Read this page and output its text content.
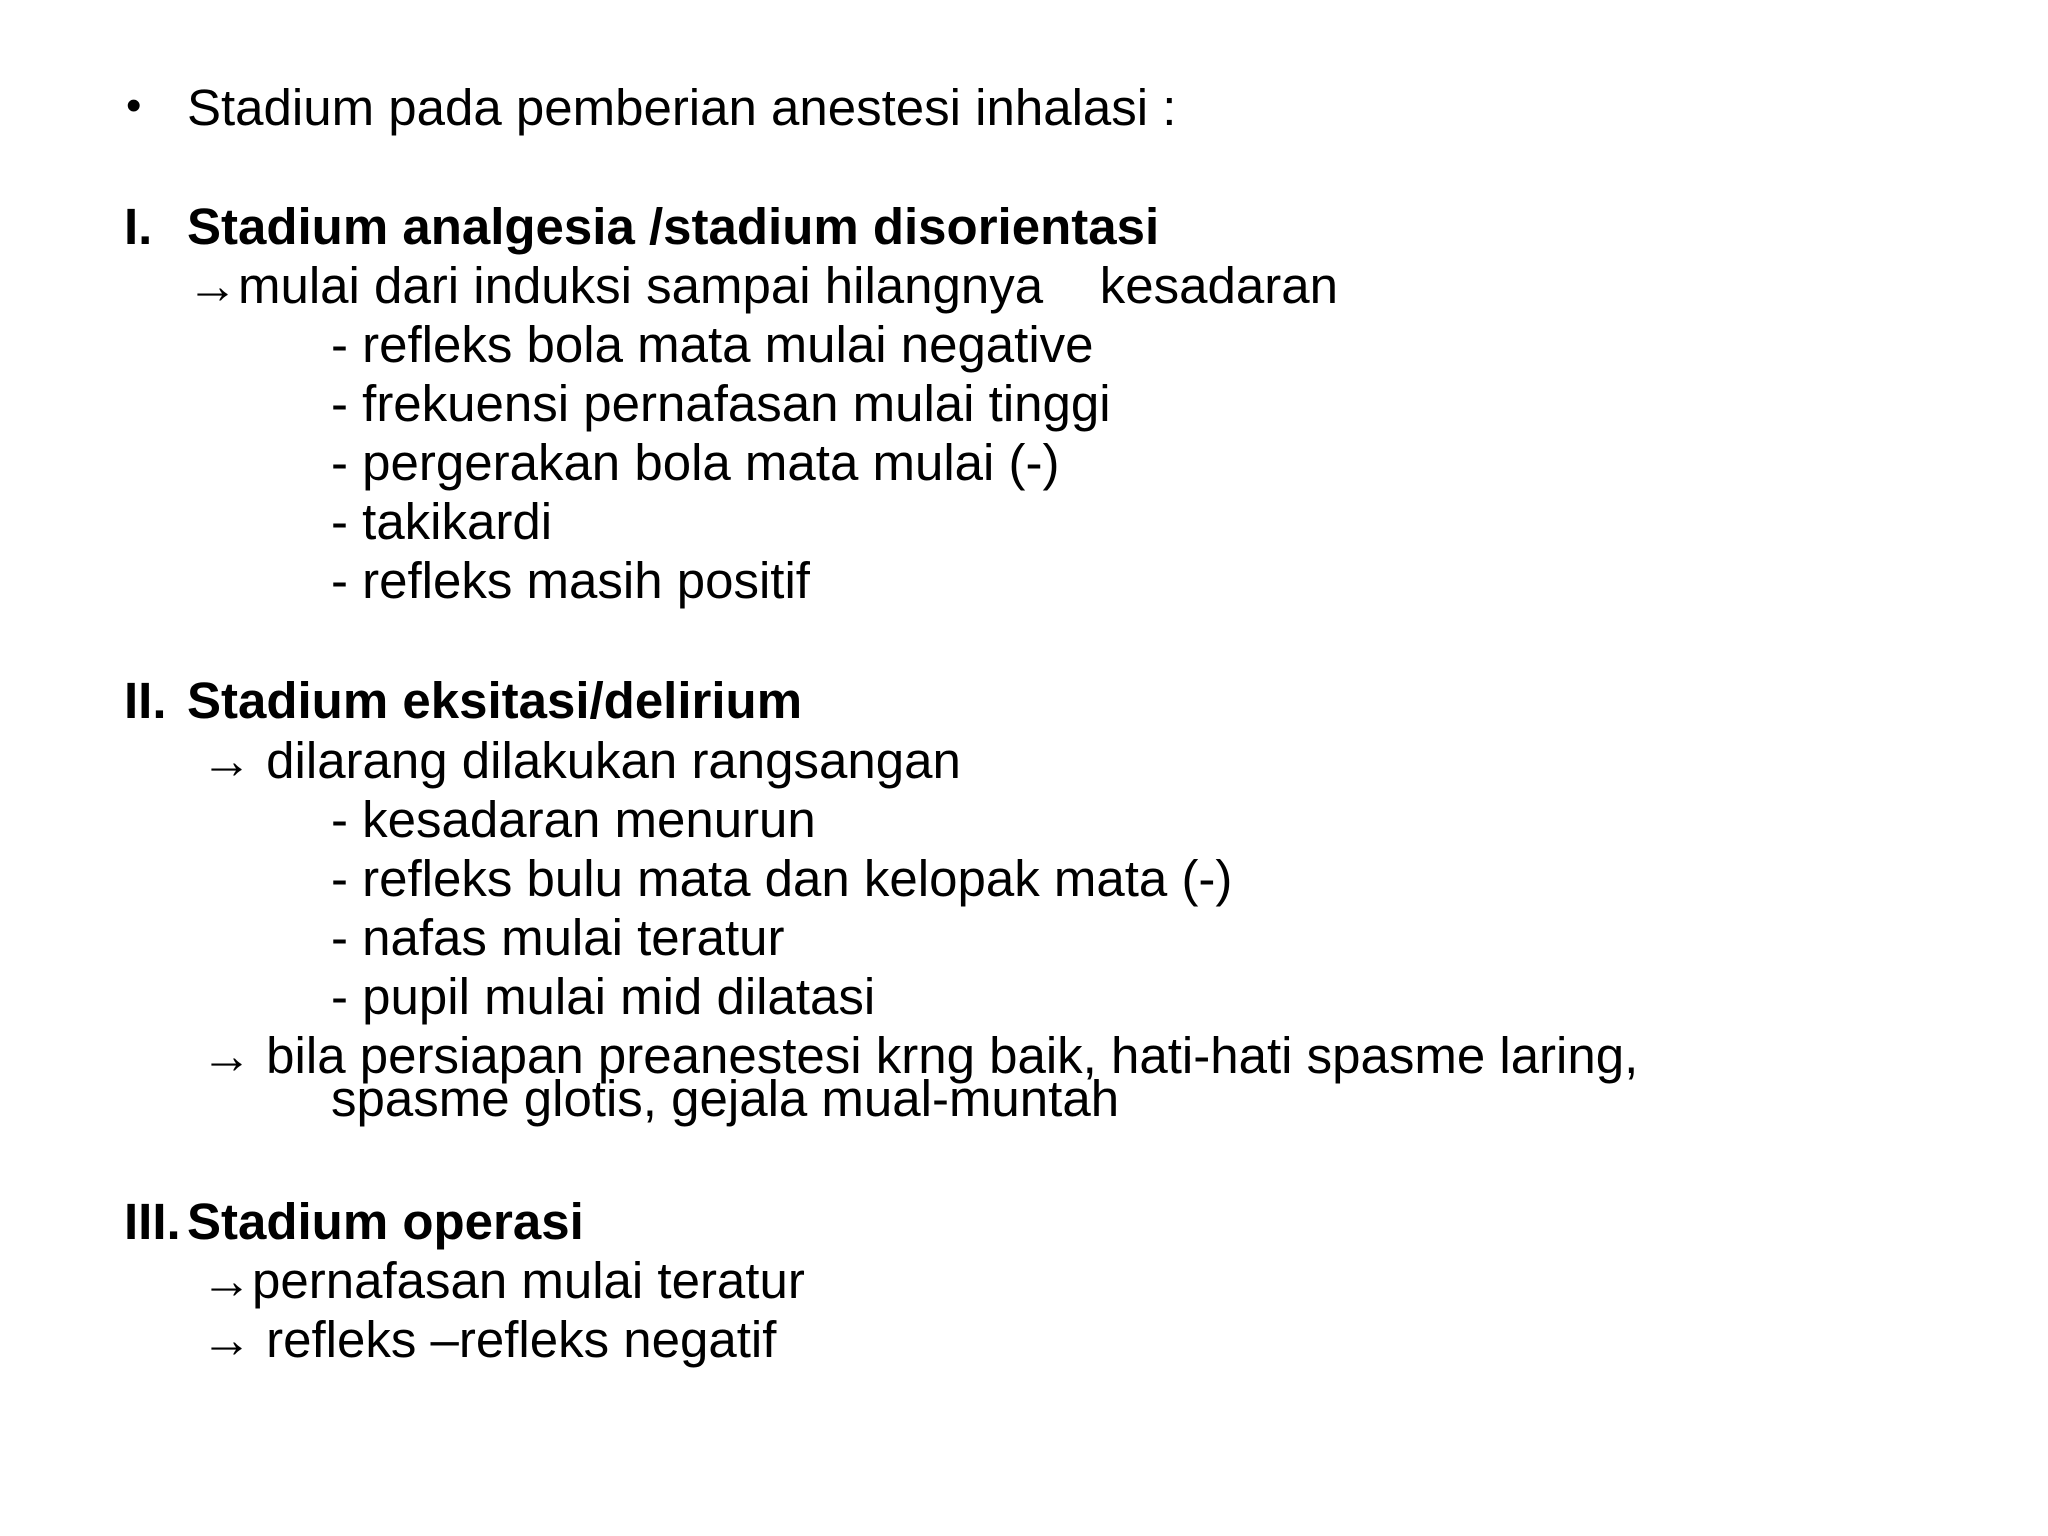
• Stadium pada pemberian anestesi inhalasi :
I. Stadium analgesia /stadium disorientasi
→mulai dari induksi sampai hilangnya    kesadaran
- refleks bola mata mulai negative
- frekuensi pernafasan mulai tinggi
- pergerakan bola mata mulai (-)
- takikardi
- refleks masih positif
II. Stadium eksitasi/delirium
→ dilarang dilakukan rangsangan
- kesadaran menurun
- refleks bulu mata dan kelopak mata (-)
- nafas mulai teratur
- pupil mulai mid dilatasi
→ bila persiapan preanestesi krng baik, hati-hati spasme laring,
spasme glotis, gejala mual-muntah
III. Stadium operasi
→pernafasan mulai teratur
→ refleks –refleks negatif
